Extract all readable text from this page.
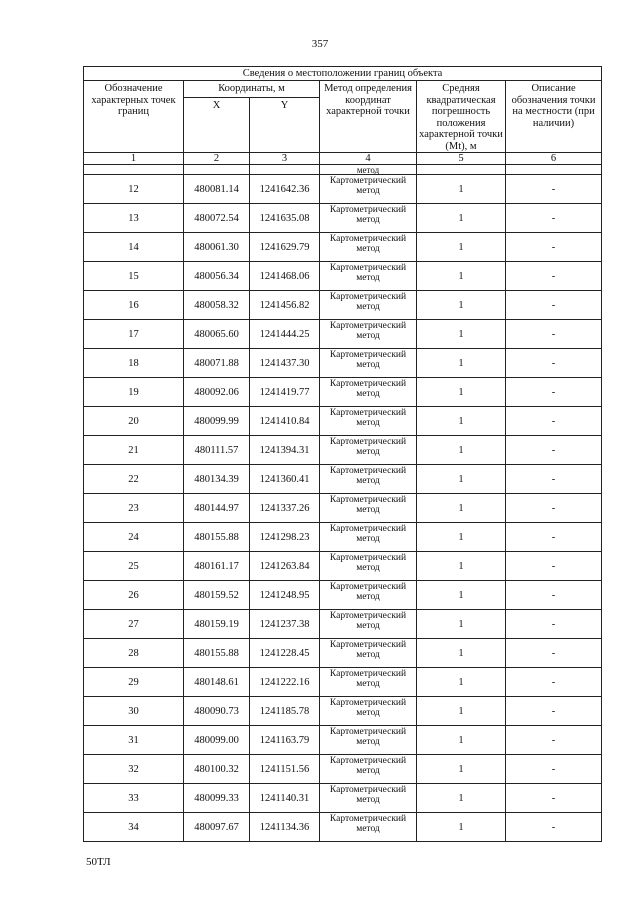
357
Сведения о местоположении границ объекта					
Обозначение характерных точек границ	Координаты, м		Метод определения координат характерной точки	Средняя квадратическая погрешность положения характерной точки (Mt), м	Описание обозначения точки на местности (при наличии)
	X	Y			
1	2	3	4	5	6
			метод		
12	480081.14	1241642.36	Картометрический метод	1	-
13	480072.54	1241635.08	Картометрический метод	1	-
14	480061.30	1241629.79	Картометрический метод	1	-
15	480056.34	1241468.06	Картометрический метод	1	-
16	480058.32	1241456.82	Картометрический метод	1	-
17	480065.60	1241444.25	Картометрический метод	1	-
18	480071.88	1241437.30	Картометрический метод	1	-
19	480092.06	1241419.77	Картометрический метод	1	-
20	480099.99	1241410.84	Картометрический метод	1	-
21	480111.57	1241394.31	Картометрический метод	1	-
22	480134.39	1241360.41	Картометрический метод	1	-
23	480144.97	1241337.26	Картометрический метод	1	-
24	480155.88	1241298.23	Картометрический метод	1	-
25	480161.17	1241263.84	Картометрический метод	1	-
26	480159.52	1241248.95	Картометрический метод	1	-
27	480159.19	1241237.38	Картометрический метод	1	-
28	480155.88	1241228.45	Картометрический метод	1	-
29	480148.61	1241222.16	Картометрический метод	1	-
30	480090.73	1241185.78	Картометрический метод	1	-
31	480099.00	1241163.79	Картометрический метод	1	-
32	480100.32	1241151.56	Картометрический метод	1	-
33	480099.33	1241140.31	Картометрический метод	1	-
34	480097.67	1241134.36	Картометрический метод	1	-
50ТЛ
